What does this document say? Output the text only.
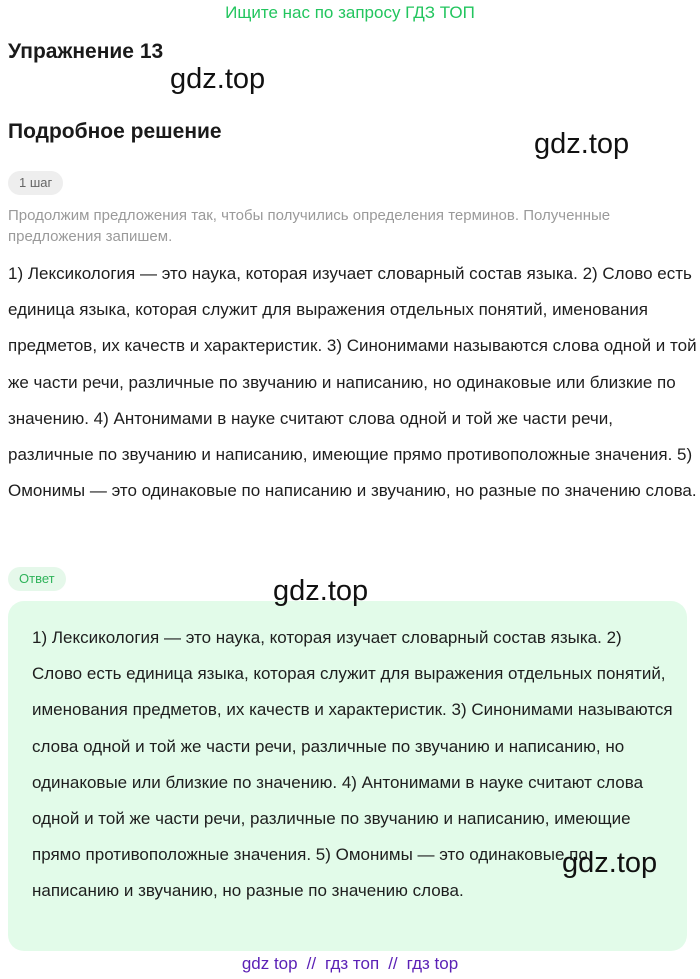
Ищите нас по запросу ГДЗ ТОП
Упражнение 13
gdz.top
Подробное решение	gdz.top
1 шаг
Продолжим предложения так, чтобы получились определения терминов. Полученные предложения запишем.
1) Лексикология — это наука, которая изучает словарный состав языка. 2) Слово есть единица языка, которая служит для выражения отдельных понятий, именования предметов, их качеств и характеристик. 3) Синонимами называются слова одной и той же части речи, различные по звучанию и написанию, но одинаковые или близкие по значению. 4) Антонимами в науке считают слова одной и той же части речи, различные по звучанию и написанию, имеющие прямо противоположные значения. 5) Омонимы — это одинаковые по написанию и звучанию, но разные по значению слова.
Ответ
1) Лексикология — это наука, которая изучает словарный состав языка. 2) Слово есть единица языка, которая служит для выражения отдельных понятий, именования предметов, их качеств и характеристик. 3) Синонимами называются слова одной и той же части речи, различные по звучанию и написанию, но одинаковые или близкие по значению. 4) Антонимами в науке считают слова одной и той же части речи, различные по звучанию и написанию, имеющие прямо противоположные значения. 5) Омонимы — это одинаковые по написанию и звучанию, но разные по значению слова.
gdz.top
gdz.top
gdz top // гдз топ // гдз top
